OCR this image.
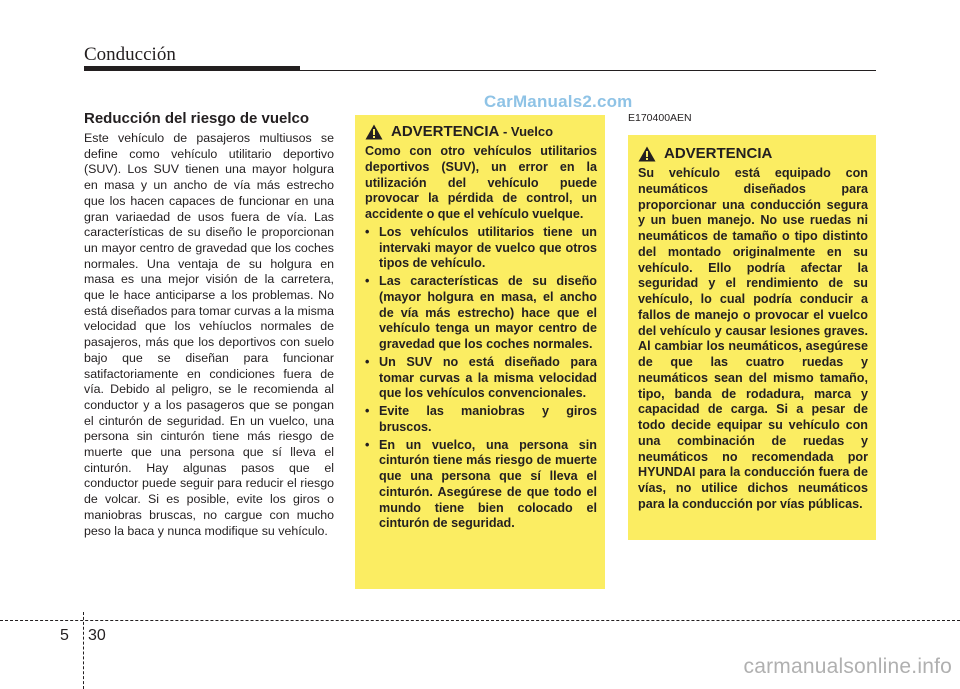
Conducción
CarManuals2.com
Reducción del riesgo de vuelco

Este vehículo de pasajeros multiusos se define como vehículo utilitario deportivo (SUV). Los SUV tienen una mayor holgura en masa y un ancho de vía más estrecho que los hacen capaces de funcionar en una gran variaedad de usos fuera de vía. Las características de su diseño le proporcionan un mayor centro de gravedad que los coches normales. Una ventaja de su holgura en masa es una mejor visión de la carretera, que le hace anticiparse a los problemas. No está diseñados para tomar curvas a la misma velocidad que los vehíuclos normales de pasajeros, más que los deportivos con suelo bajo que se diseñan para funcionar satifactoriamente en condiciones fuera de vía. Debido al peligro, se le recomienda al conductor y a los pasageros que se pongan el cinturón de seguridad. En un vuelco, una persona sin cinturón tiene más riesgo de muerte que una persona que sí lleva el cinturón. Hay algunas pasos que el conductor puede seguir para reducir el riesgo de volcar. Si es posible, evite los giros o maniobras bruscas, no cargue con mucho peso la baca y nunca modifique su vehículo.

ADVERTENCIA - Vuelco

Como con otro vehículos utilitarios deportivos (SUV), un error en la utilización del vehículo puede provocar la pérdida de control, un accidente o que el vehículo vuelque.

• Los vehículos utilitarios tiene un intervaki mayor de vuelco que otros tipos de vehículo.
• Las características de su diseño (mayor holgura en masa, el ancho de vía más estrecho) hace que el vehículo tenga un mayor centro de gravedad que los coches normales.
• Un SUV no está diseñado para tomar curvas a la misma velocidad que los vehículos convencionales.
• Evite las maniobras y giros bruscos.
• En un vuelco, una persona sin cinturón tiene más riesgo de muerte que una persona que sí lleva el cinturón. Asegúrese de que todo el mundo tiene bien colocado el cinturón de seguridad.
E170400AEN
ADVERTENCIA

Su vehículo está equipado con neumáticos diseñados para proporcionar una conducción segura y un buen manejo. No use ruedas ni neumáticos de tamaño o tipo distinto del montado originalmente en su vehículo. Ello podría afectar la seguridad y el rendimiento de su vehículo, lo cual podría conducir a fallos de manejo o provocar el vuelco del vehículo y causar lesiones graves. Al cambiar los neumáticos, asegúrese de que las cuatro ruedas y neumáticos sean del mismo tamaño, tipo, banda de rodadura, marca y capacidad de carga. Si a pesar de todo decide equipar su vehículo con una combinación de ruedas y neumáticos no recomendada por HYUNDAI para la conducción fuera de vías, no utilice dichos neumáticos para la conducción por vías públicas.

5 30
carmanualsonline.info
